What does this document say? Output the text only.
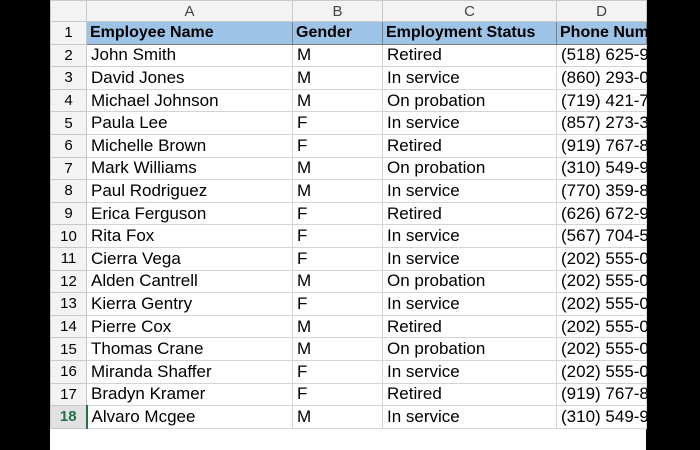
	A	B	C	D
1	Employee Name	Gender	Employment Status	Phone Number
2	John Smith	M	Retired	(518) 625-9017
3	David Jones	M	In service	(860) 293-0292
4	Michael Johnson	M	On probation	(719) 421-7400
5	Paula Lee	F	In service	(857) 273-3103
6	Michelle Brown	F	Retired	(919) 767-8175
7	Mark Williams	M	On probation	(310) 549-9319
8	Paul Rodriguez	M	In service	(770) 359-8588
9	Erica Ferguson	F	Retired	(626) 672-9887
10	Rita Fox	F	In service	(567) 704-5233
11	Cierra Vega	F	In service	(202) 555-0109
12	Alden Cantrell	M	On probation	(202) 555-0163
13	Kierra Gentry	F	In service	(202) 555-0114
14	Pierre Cox	M	Retired	(202) 555-0194
15	Thomas Crane	M	On probation	(202) 555-0144
16	Miranda Shaffer	F	In service	(202) 555-0157
17	Bradyn Kramer	F	Retired	(919) 767-8175
18	Alvaro Mcgee	M	In service	(310) 549-9319
